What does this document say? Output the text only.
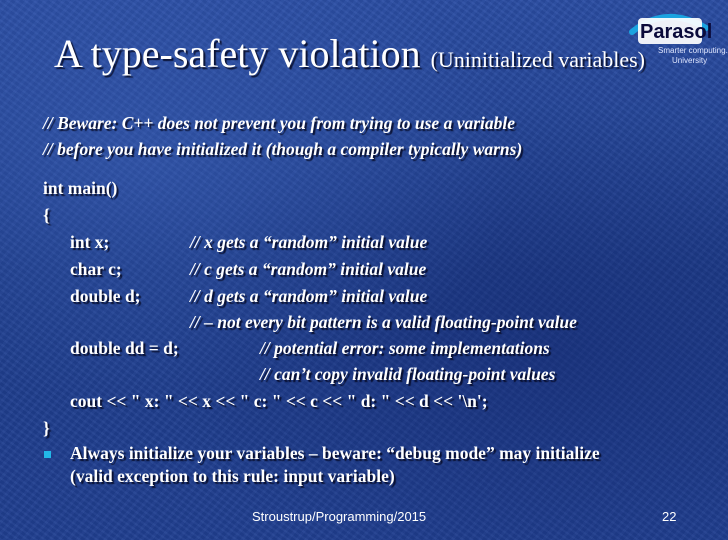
A type-safety violation (Uninitialized variables)
Parasol
Smarter computing.
University
// Beware: C++ does not prevent you from trying to use a variable
// before you have initialized it (though a compiler typically warns)
int main()
{
int x;	// x gets a “random” initial value
char c;	// c gets a “random” initial value
double d;	// d gets a “random” initial value
// – not every bit pattern is a valid floating-point value
double dd = d;	// potential error: some implementations
// can’t copy invalid floating-point values
cout << " x: " << x << " c: " << c << " d: " << d << '\n';
}
Always initialize your variables – beware: “debug mode” may initialize
(valid exception to this rule: input variable)
Stroustrup/Programming/2015	22
